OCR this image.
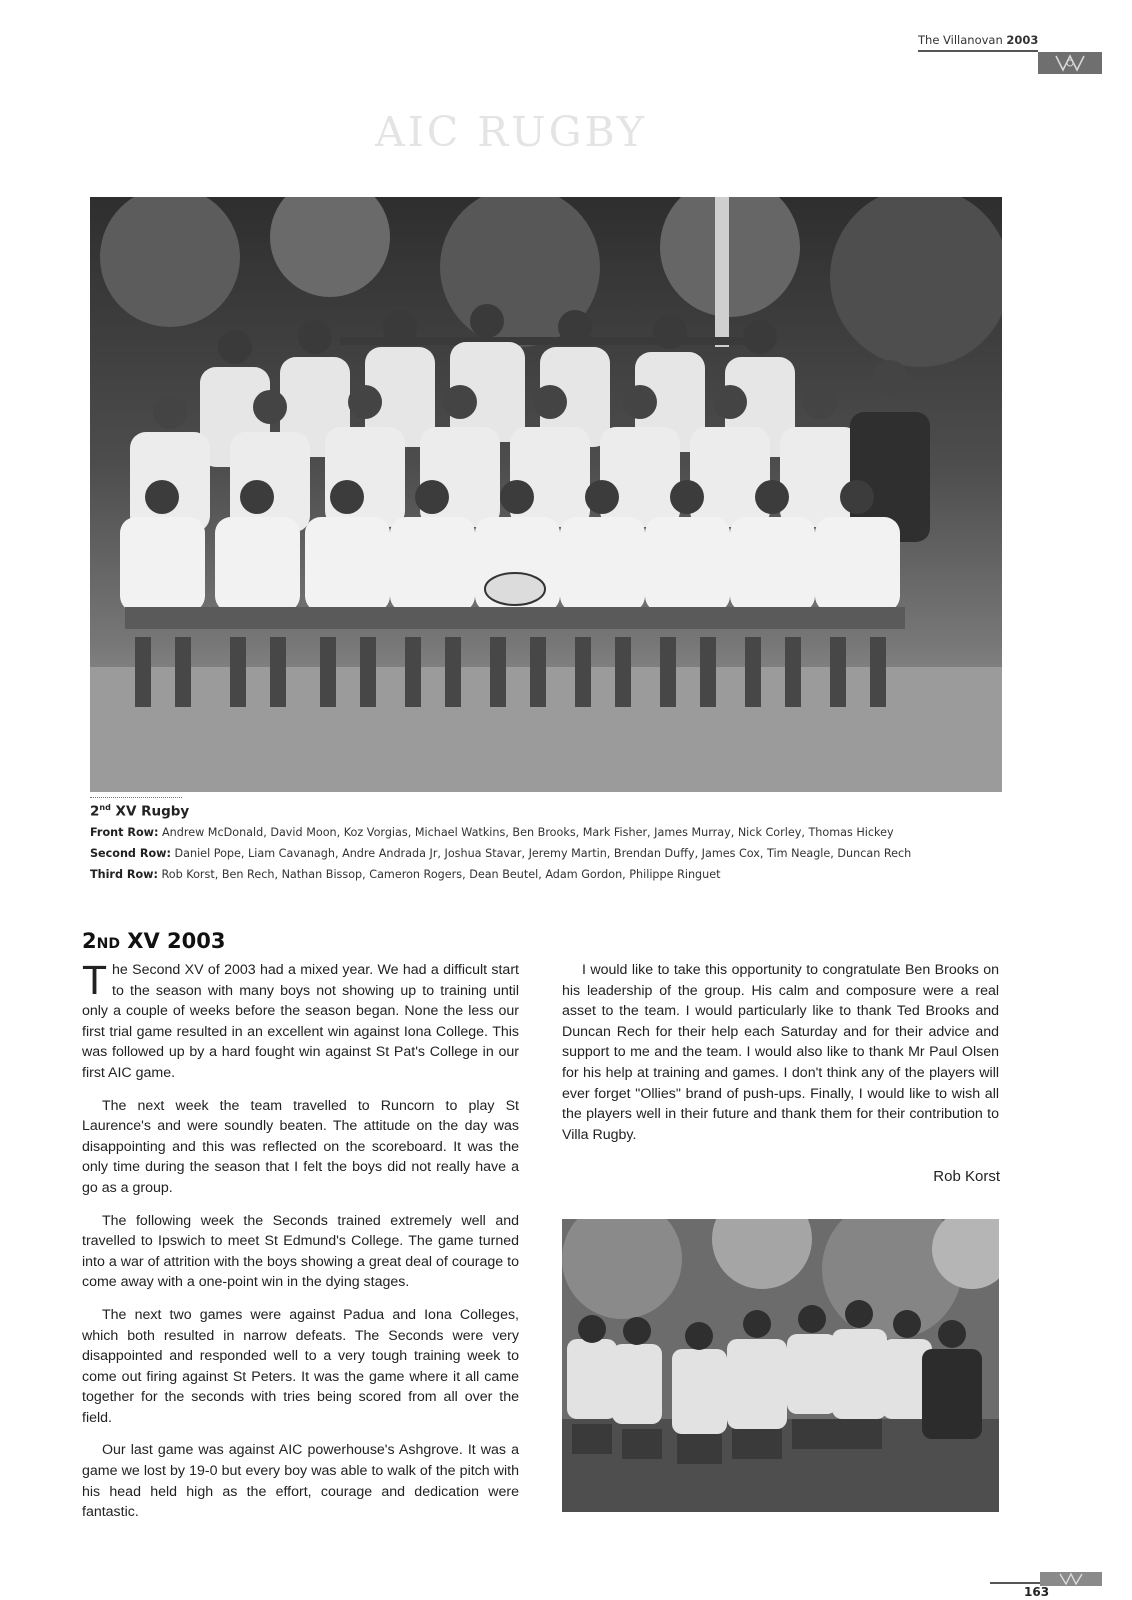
The Villanovan 2003
AIC RUGBY
2nd XV Rugby
Front Row: Andrew McDonald, David Moon, Koz Vorgias, Michael Watkins, Ben Brooks, Mark Fisher, James Murray, Nick Corley, Thomas Hickey
Second Row: Daniel Pope, Liam Cavanagh, Andre Andrada Jr, Joshua Stavar, Jeremy Martin, Brendan Duffy, James Cox, Tim Neagle, Duncan Rech
Third Row: Rob Korst, Ben Rech, Nathan Bissop, Cameron Rogers, Dean Beutel, Adam Gordon, Philippe Ringuet
2ND XV 2003

The Second XV of 2003 had a mixed year. We had a difficult start to the season with many boys not showing up to training until only a couple of weeks before the season began. None the less our first trial game resulted in an excellent win against Iona College. This was followed up by a hard fought win against St Pat's College in our first AIC game.

The next week the team travelled to Runcorn to play St Laurence's and were soundly beaten. The attitude on the day was disappointing and this was reflected on the scoreboard. It was the only time during the season that I felt the boys did not really have a go as a group.

The following week the Seconds trained extremely well and travelled to Ipswich to meet St Edmund's College. The game turned into a war of attrition with the boys showing a great deal of courage to come away with a one-point win in the dying stages.

The next two games were against Padua and Iona Colleges, which both resulted in narrow defeats. The Seconds were very disappointed and responded well to a very tough training week to come out firing against St Peters. It was the game where it all came together for the seconds with tries being scored from all over the field.

Our last game was against AIC powerhouse's Ashgrove. It was a game we lost by 19-0 but every boy was able to walk of the pitch with his head held high as the effort, courage and dedication were fantastic.

I would like to take this opportunity to congratulate Ben Brooks on his leadership of the group. His calm and composure were a real asset to the team. I would particularly like to thank Ted Brooks and Duncan Rech for their help each Saturday and for their advice and support to me and the team. I would also like to thank Mr Paul Olsen for his help at training and games. I don't think any of the players will ever forget "Ollies" brand of push-ups. Finally, I would like to wish all the players well in their future and thank them for their contribution to Villa Rugby.

Rob Korst
163
